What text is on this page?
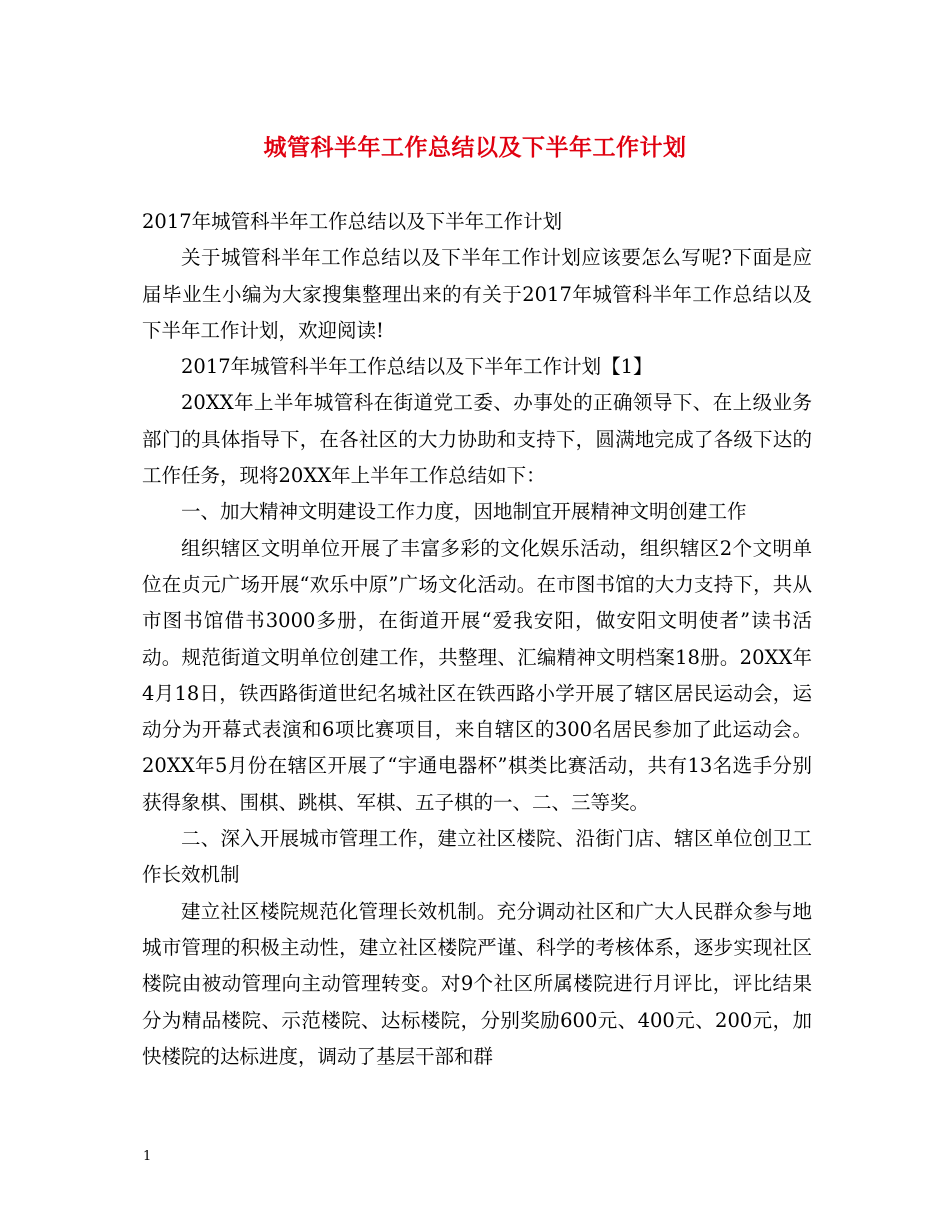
城管科半年工作总结以及下半年工作计划

2017年城管科半年工作总结以及下半年工作计划

关于城管科半年工作总结以及下半年工作计划应该要怎么写呢?下面是应届毕业生小编为大家搜集整理出来的有关于2017年城管科半年工作总结以及下半年工作计划，欢迎阅读!

2017年城管科半年工作总结以及下半年工作计划【1】

20XX年上半年城管科在街道党工委、办事处的正确领导下、在上级业务部门的具体指导下，在各社区的大力协助和支持下，圆满地完成了各级下达的工作任务，现将20XX年上半年工作总结如下：

一、加大精神文明建设工作力度，因地制宜开展精神文明创建工作

组织辖区文明单位开展了丰富多彩的文化娱乐活动，组织辖区2个文明单位在贞元广场开展“欢乐中原”广场文化活动。在市图书馆的大力支持下，共从市图书馆借书3000多册，在街道开展“爱我安阳，做安阳文明使者”读书活动。规范街道文明单位创建工作，共整理、汇编精神文明档案18册。20XX年4月18日，铁西路街道世纪名城社区在铁西路小学开展了辖区居民运动会，运动分为开幕式表演和6项比赛项目，来自辖区的300名居民参加了此运动会。20XX年5月份在辖区开展了“宇通电器杯”棋类比赛活动，共有13名选手分别获得象棋、围棋、跳棋、军棋、五子棋的一、二、三等奖。

二、深入开展城市管理工作，建立社区楼院、沿街门店、辖区单位创卫工作长效机制

建立社区楼院规范化管理长效机制。充分调动社区和广大人民群众参与地城市管理的积极主动性，建立社区楼院严谨、科学的考核体系，逐步实现社区楼院由被动管理向主动管理转变。对9个社区所属楼院进行月评比，评比结果分为精品楼院、示范楼院、达标楼院，分别奖励600元、400元、200元，加快楼院的达标进度，调动了基层干部和群

1
